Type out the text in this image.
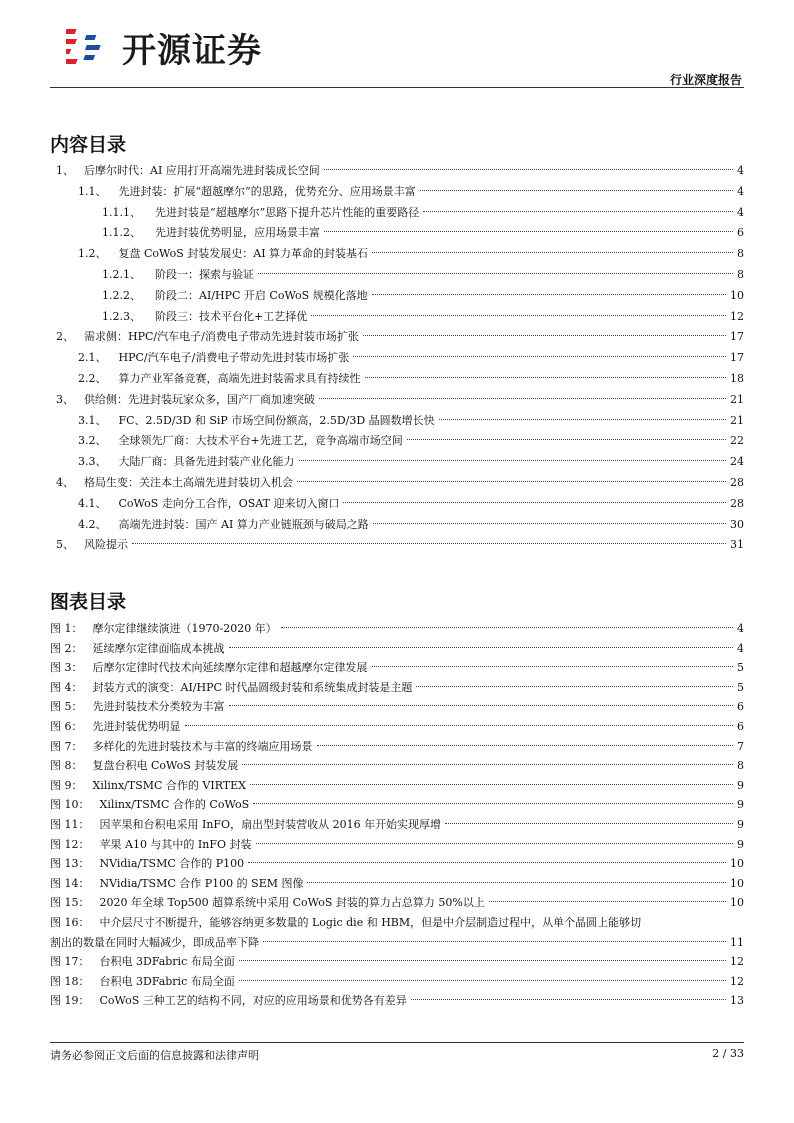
开源证券
行业深度报告
内容目录
1、 后摩尔时代：AI 应用打开高端先进封装成长空间	4
1.1、 先进封装：扩展“超越摩尔”的思路，优势充分、应用场景丰富	4
1.1.1、 先进封装是“超越摩尔”思路下提升芯片性能的重要路径	4
1.1.2、 先进封装优势明显，应用场景丰富	6
1.2、 复盘 CoWoS 封装发展史：AI 算力革命的封装基石	8
1.2.1、 阶段一：探索与验证	8
1.2.2、 阶段二：AI/HPC 开启 CoWoS 规模化落地	10
1.2.3、 阶段三：技术平台化+工艺择优	12
2、 需求侧：HPC/汽车电子/消费电子带动先进封装市场扩张	17
2.1、 HPC/汽车电子/消费电子带动先进封装市场扩张	17
2.2、 算力产业军备竞赛，高端先进封装需求具有持续性	18
3、 供给侧：先进封装玩家众多，国产厂商加速突破	21
3.1、 FC、2.5D/3D 和 SiP 市场空间份额高，2.5D/3D 晶圆数增长快	21
3.2、 全球领先厂商：大技术平台+先进工艺，竞争高端市场空间	22
3.3、 大陆厂商：具备先进封装产业化能力	24
4、 格局生变：关注本土高端先进封装切入机会	28
4.1、 CoWoS 走向分工合作，OSAT 迎来切入窗口	28
4.2、 高端先进封装：国产 AI 算力产业链瓶颈与破局之路	30
5、 风险提示	31
图表目录
图 1： 摩尔定律继续演进（1970-2020 年）	4
图 2： 延续摩尔定律面临成本挑战	4
图 3： 后摩尔定律时代技术向延续摩尔定律和超越摩尔定律发展	5
图 4： 封装方式的演变：AI/HPC 时代晶圆级封装和系统集成封装是主题	5
图 5： 先进封装技术分类较为丰富	6
图 6： 先进封装优势明显	6
图 7： 多样化的先进封装技术与丰富的终端应用场景	7
图 8： 复盘台积电 CoWoS 封装发展	8
图 9： Xilinx/TSMC 合作的 VIRTEX	9
图 10： Xilinx/TSMC 合作的 CoWoS	9
图 11： 因苹果和台积电采用 InFO，扇出型封装营收从 2016 年开始实现厚增	9
图 12： 苹果 A10 与其中的 InFO 封装	9
图 13： NVidia/TSMC 合作的 P100	10
图 14： NVidia/TSMC 合作 P100 的 SEM 图像	10
图 15： 2020 年全球 Top500 超算系统中采用 CoWoS 封装的算力占总算力 50%以上	10
图 16： 中介层尺寸不断提升，能够容纳更多数量的 Logic die 和 HBM，但是中介层制造过程中，从单个晶圆上能够切
割出的数量在同时大幅减少，即成品率下降	11
图 17： 台积电 3DFabric 布局全面	12
图 18： 台积电 3DFabric 布局全面	12
图 19： CoWoS 三种工艺的结构不同，对应的应用场景和优势各有差异	13
请务必参阅正文后面的信息披露和法律声明	2 / 33
